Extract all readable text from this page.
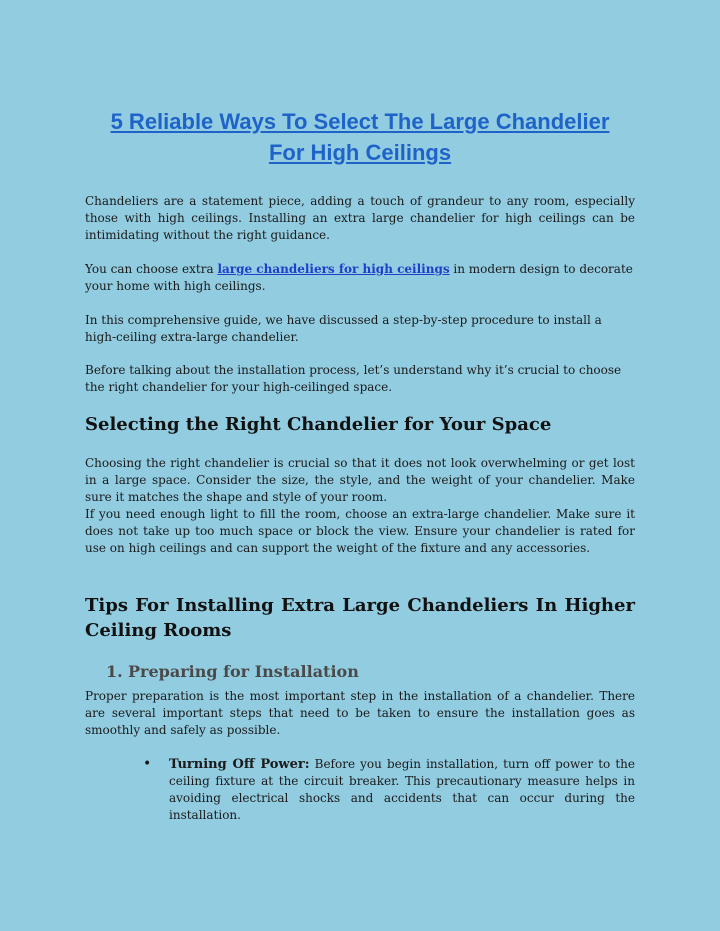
5 Reliable Ways To Select The Large Chandelier
For High Ceilings

Chandeliers are a statement piece, adding a touch of grandeur to any room, especially those with high ceilings. Installing an extra large chandelier for high ceilings can be intimidating without the right guidance.

You can choose extra large chandeliers for high ceilings in modern design to decorate your home with high ceilings.

In this comprehensive guide, we have discussed a step-by-step procedure to install a high-ceiling extra-large chandelier.

Before talking about the installation process, let’s understand why it’s crucial to choose the right chandelier for your high-ceilinged space.

Selecting the Right Chandelier for Your Space

Choosing the right chandelier is crucial so that it does not look overwhelming or get lost in a large space. Consider the size, the style, and the weight of your chandelier. Make sure it matches the shape and style of your room.

If you need enough light to fill the room, choose an extra-large chandelier. Make sure it does not take up too much space or block the view. Ensure your chandelier is rated for use on high ceilings and can support the weight of the fixture and any accessories.

Tips For Installing Extra Large Chandeliers In Higher
Ceiling Rooms
1. Preparing for Installation

Proper preparation is the most important step in the installation of a chandelier. There are several important steps that need to be taken to ensure the installation goes as smoothly and safely as possible.

• Turning Off Power: Before you begin installation, turn off power to the ceiling fixture at the circuit breaker. This precautionary measure helps in avoiding electrical shocks and accidents that can occur during the installation.
